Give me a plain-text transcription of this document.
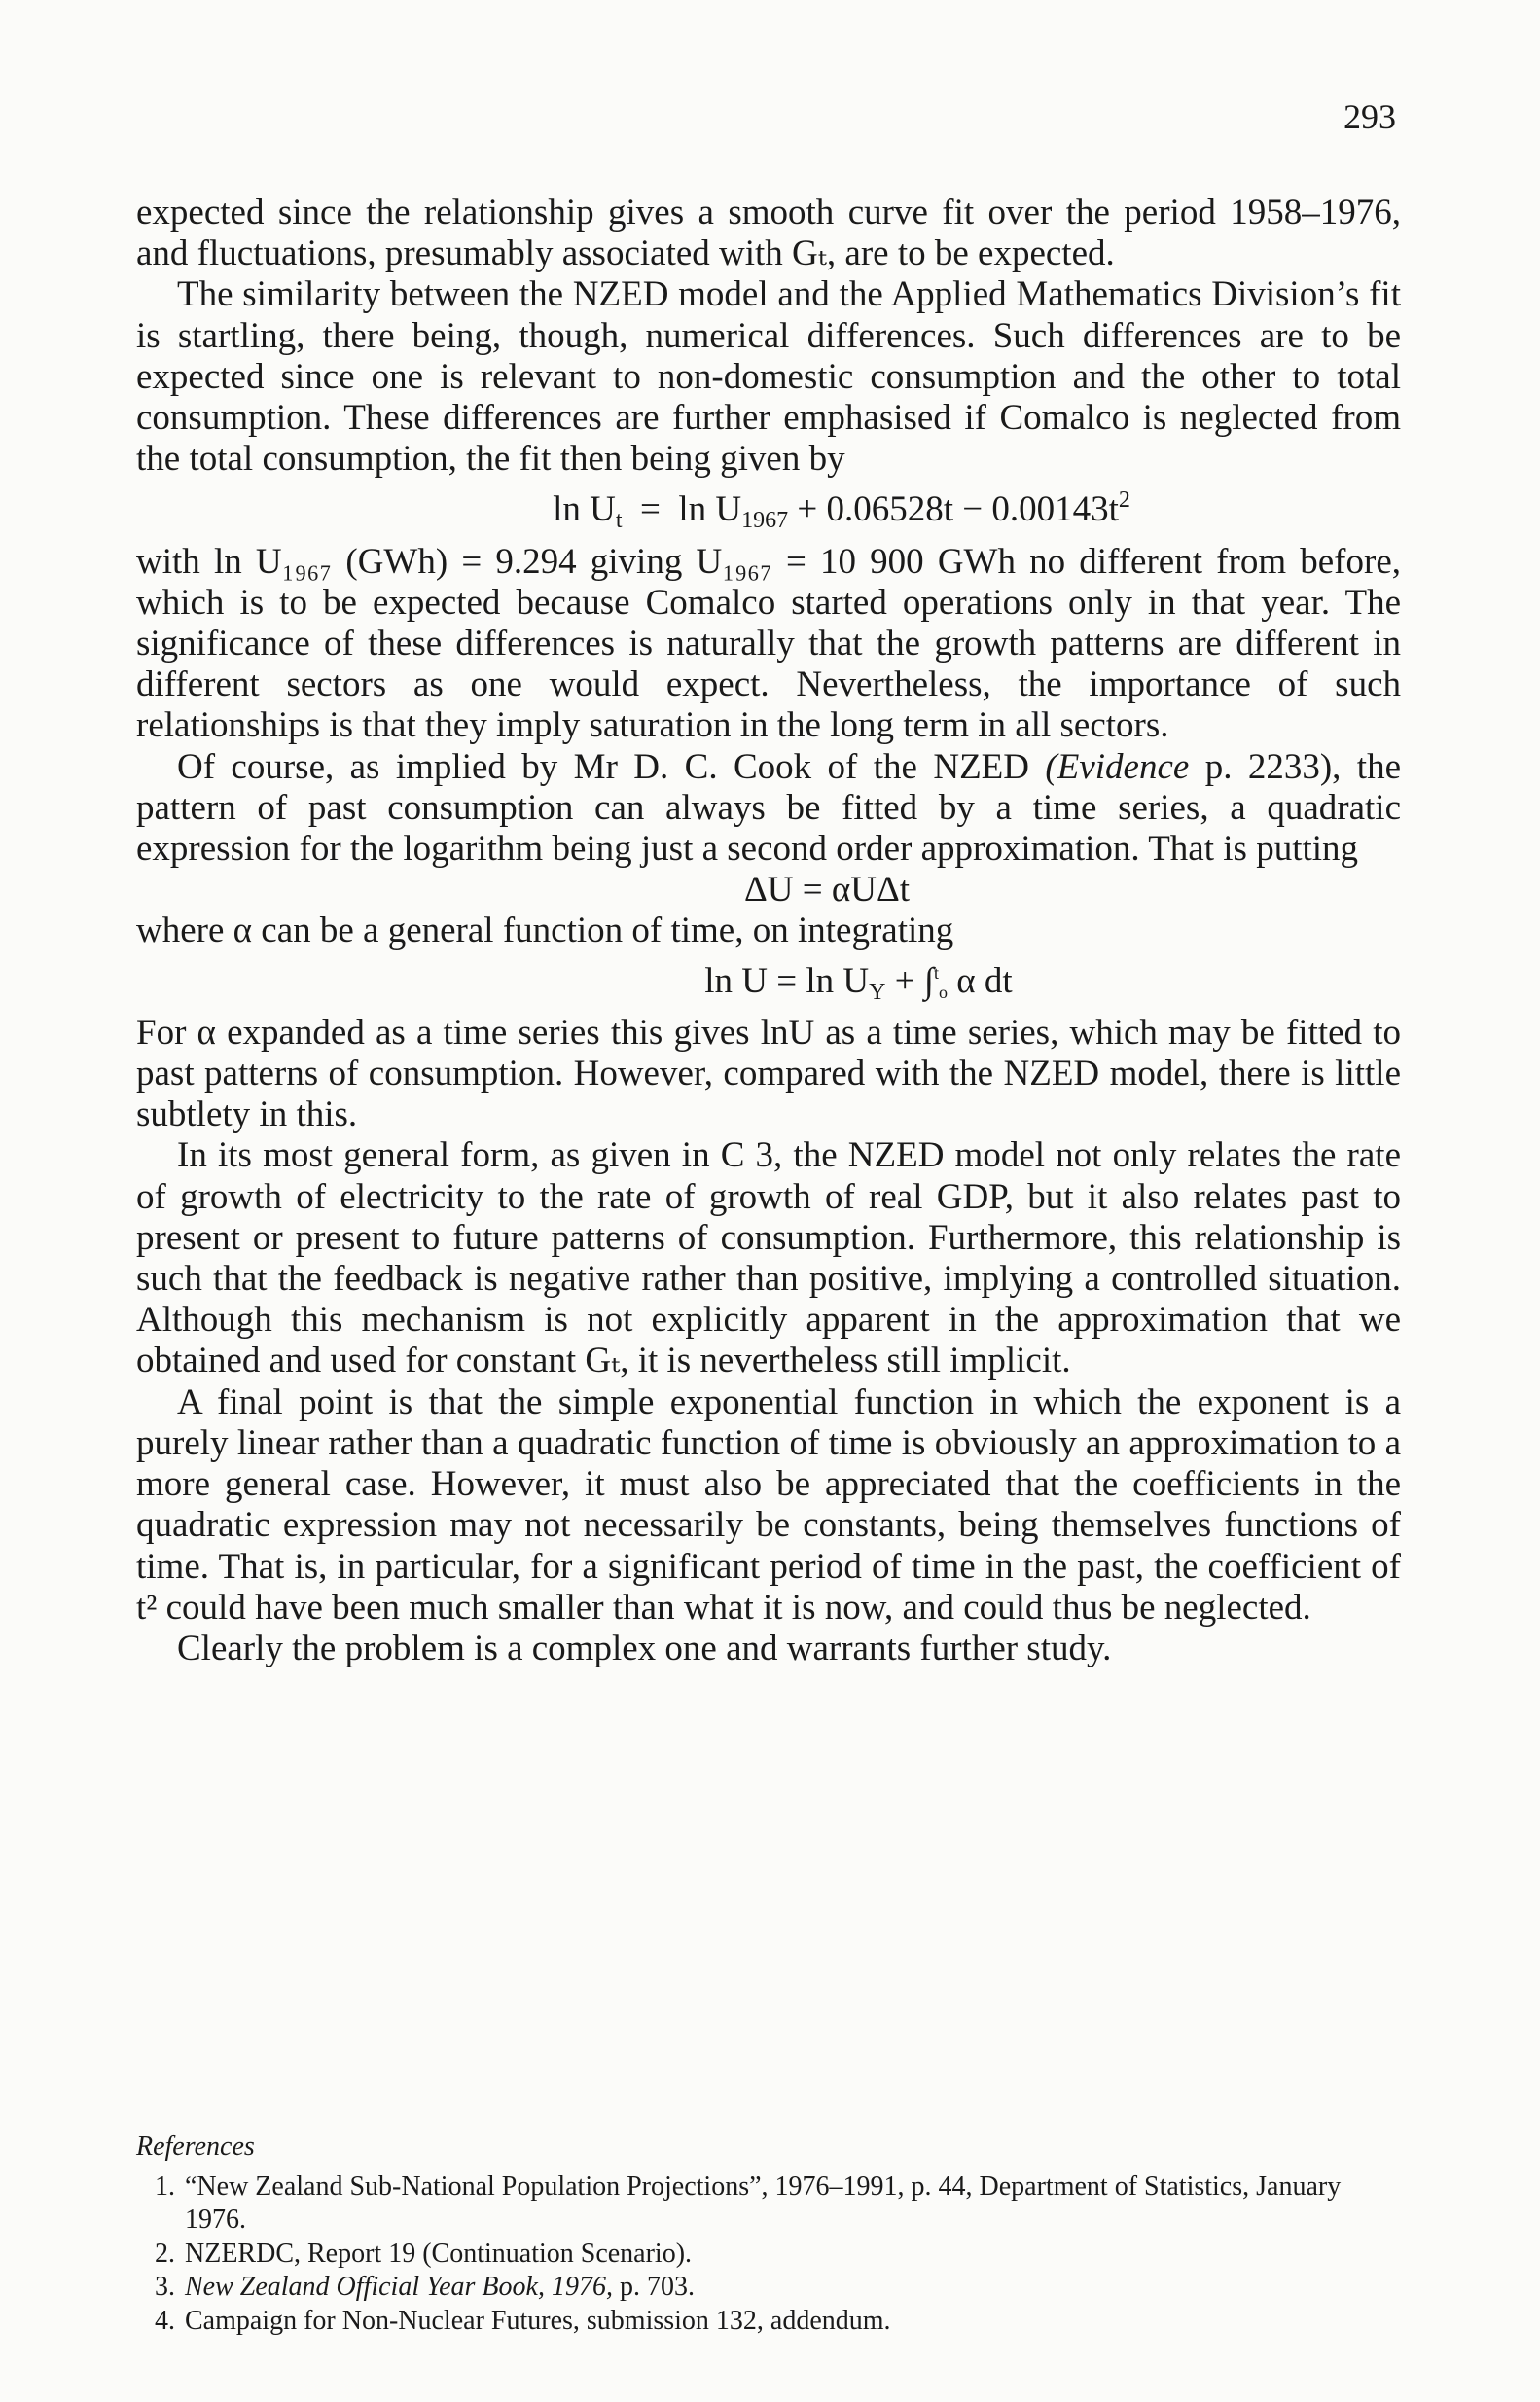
293

expected since the relationship gives a smooth curve fit over the period 1958–1976, and fluctuations, presumably associated with Gₜ, are to be expected.

The similarity between the NZED model and the Applied Mathematics Division’s fit is startling, there being, though, numerical differences. Such differences are to be expected since one is relevant to non-domestic consumption and the other to total consumption. These differences are further emphasised if Comalco is neglected from the total consumption, the fit then being given by

$\ln U_t = \ln U_{1967} + 0.06528t - 0.00143t^2$

with ln U₁₉₆₇ (GWh) = 9.294 giving U₁₉₆₇ = 10 900 GWh no different from before, which is to be expected because Comalco started operations only in that year. The significance of these differences is naturally that the growth patterns are different in different sectors as one would expect. Nevertheless, the importance of such relationships is that they imply saturation in the long term in all sectors.

Of course, as implied by Mr D. C. Cook of the NZED (Evidence p. 2233), the pattern of past consumption can always be fitted by a time series, a quadratic expression for the logarithm being just a second order approximation. That is putting

ΔU = αUΔt

where α can be a general function of time, on integrating

$\ln U = \ln U_Y + \int^to$ α dt

For α expanded as a time series this gives lnU as a time series, which may be fitted to past patterns of consumption. However, compared with the NZED model, there is little subtlety in this.

In its most general form, as given in C 3, the NZED model not only relates the rate of growth of electricity to the rate of growth of real GDP, but it also relates past to present or present to future patterns of consumption. Furthermore, this relationship is such that the feedback is negative rather than positive, implying a controlled situation. Although this mechanism is not explicitly apparent in the approximation that we obtained and used for constant Gₜ, it is nevertheless still implicit.

A final point is that the simple exponential function in which the exponent is a purely linear rather than a quadratic function of time is obviously an approximation to a more general case. However, it must also be appreciated that the coefficients in the quadratic expression may not necessarily be constants, being themselves functions of time. That is, in particular, for a significant period of time in the past, the coefficient of t² could have been much smaller than what it is now, and could thus be neglected.

Clearly the problem is a complex one and warrants further study.

References

1. “New Zealand Sub-National Population Projections”, 1976–1991, p. 44, Department of Statistics, January 1976.
2. NZERDC, Report 19 (Continuation Scenario).
3. New Zealand Official Year Book, 1976, p. 703.
4. Campaign for Non-Nuclear Futures, submission 132, addendum.
